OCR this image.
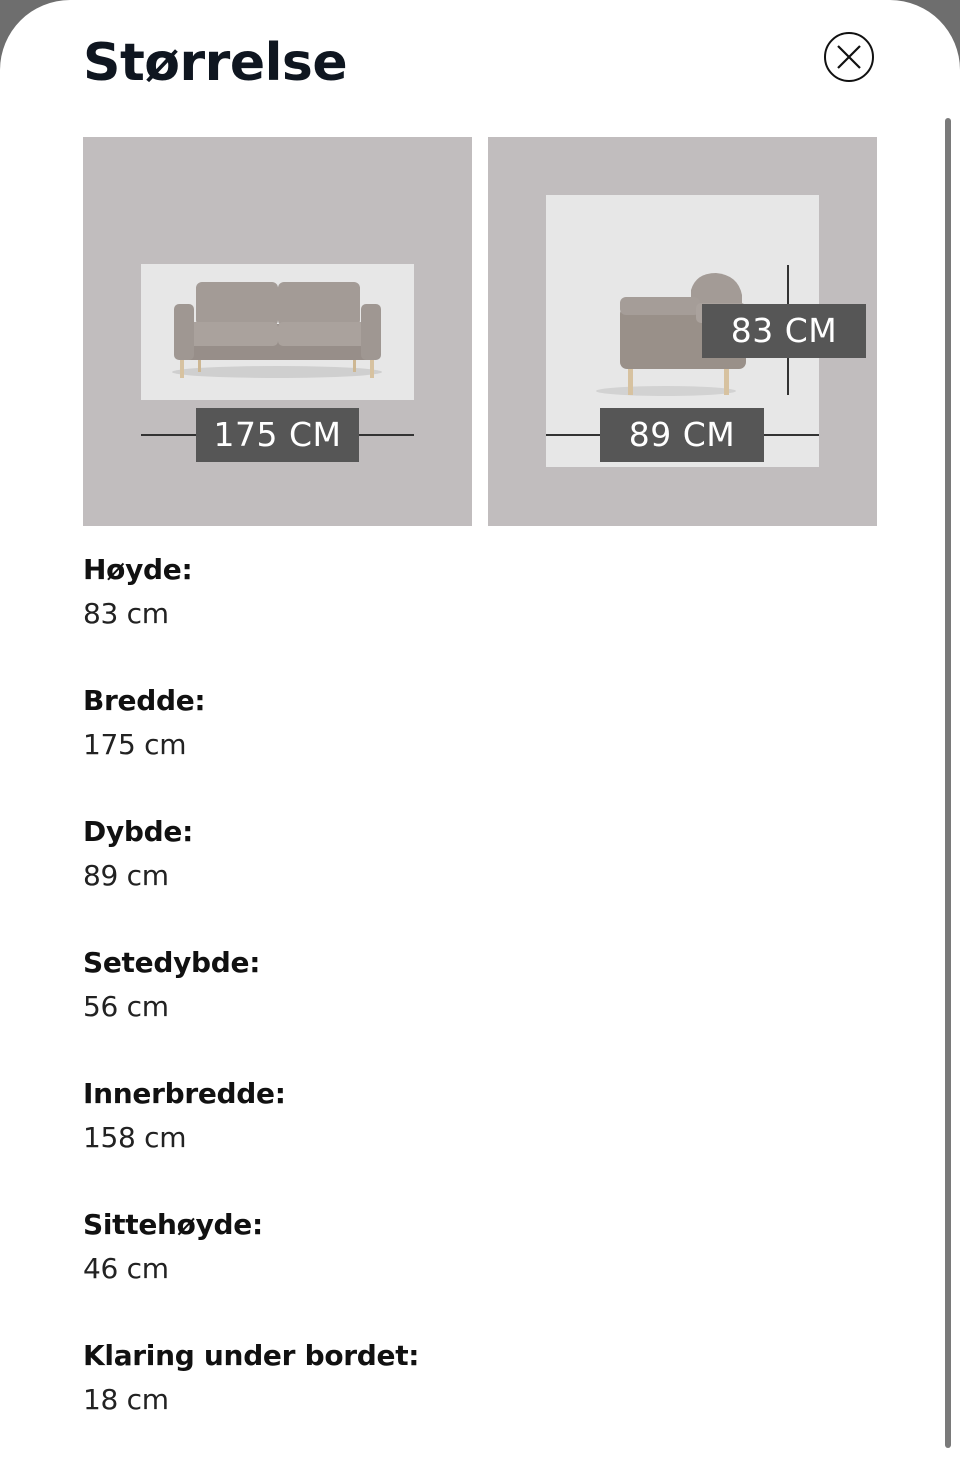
Størrelse
175 CM
83 CM
89 CM
Høyde:
83 cm
Bredde:
175 cm
Dybde:
89 cm
Setedybde:
56 cm
Innerbredde:
158 cm
Sittehøyde:
46 cm
Klaring under bordet:
18 cm
